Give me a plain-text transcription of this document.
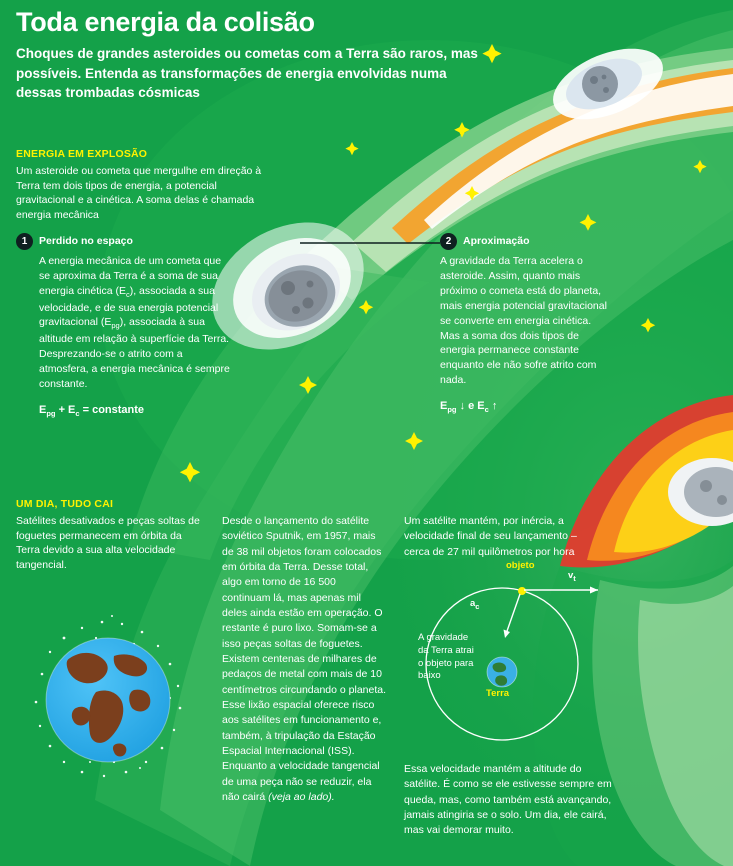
Toda energia da colisão

Choques de grandes asteroides ou cometas com a Terra são raros, mas possíveis. Entenda as transformações de energia envolvidas numa dessas trombadas cósmicas

ENERGIA EM EXPLOSÃO
Um asteroide ou cometa que mergulhe em direção à Terra tem dois tipos de energia, a potencial gravitacional e a cinética. A soma delas é chamada energia mecânica
1	Perdido no espaço
A energia mecânica de um cometa que se aproxima da Terra é a soma de sua energia cinética $(E_c)$, associada a sua velocidade, e de sua energia potencial gravitacional $(E_{pg})$, associada à sua altitude em relação à superfície da Terra. Desprezando-se o atrito com a atmosfera, a energia mecânica é sempre constante.
$E_{pg} + E_c$ = constante
2	Aproximação
A gravidade da Terra acelera o asteroide. Assim, quanto mais próximo o cometa está do planeta, mais energia potencial gravitacional se converte em energia cinética. Mas a soma dos dois tipos de energia permanece constante enquanto ele não sofre atrito com nada.
$E_{pg}$ ↓ e $E_c$ ↑
UM DIA, TUDO CAI
Satélites desativados e peças soltas de foguetes permanecem em órbita da Terra devido a sua alta velocidade tangencial.
Desde o lançamento do satélite soviético Sputnik, em 1957, mais de 38 mil objetos foram colocados em órbita da Terra. Desse total, algo em torno de 16 500 continuam lá, mas apenas mil deles ainda estão em operação. O restante é puro lixo. Somam-se a isso peças soltas de foguetes. Existem centenas de milhares de pedaços de metal com mais de 10 centímetros circundando o planeta. Esse lixão espacial oferece risco aos satélites em funcionamento e, também, à tripulação da Estação Espacial Internacional (ISS). Enquanto a velocidade tangencial de uma peça não se reduzir, ela não cairá (veja ao lado).
Um satélite mantém, por inércia, a velocidade final de seu lançamento – cerca de 27 mil quilômetros por hora
objeto
$v_t$
$a_c$
A gravidade da Terra atrai o objeto para baixo
Terra
Essa velocidade mantém a altitude do satélite. É como se ele estivesse sempre em queda, mas, como também está avançando, jamais atingiria se o solo. Um dia, ele cairá, mas vai demorar muito.
